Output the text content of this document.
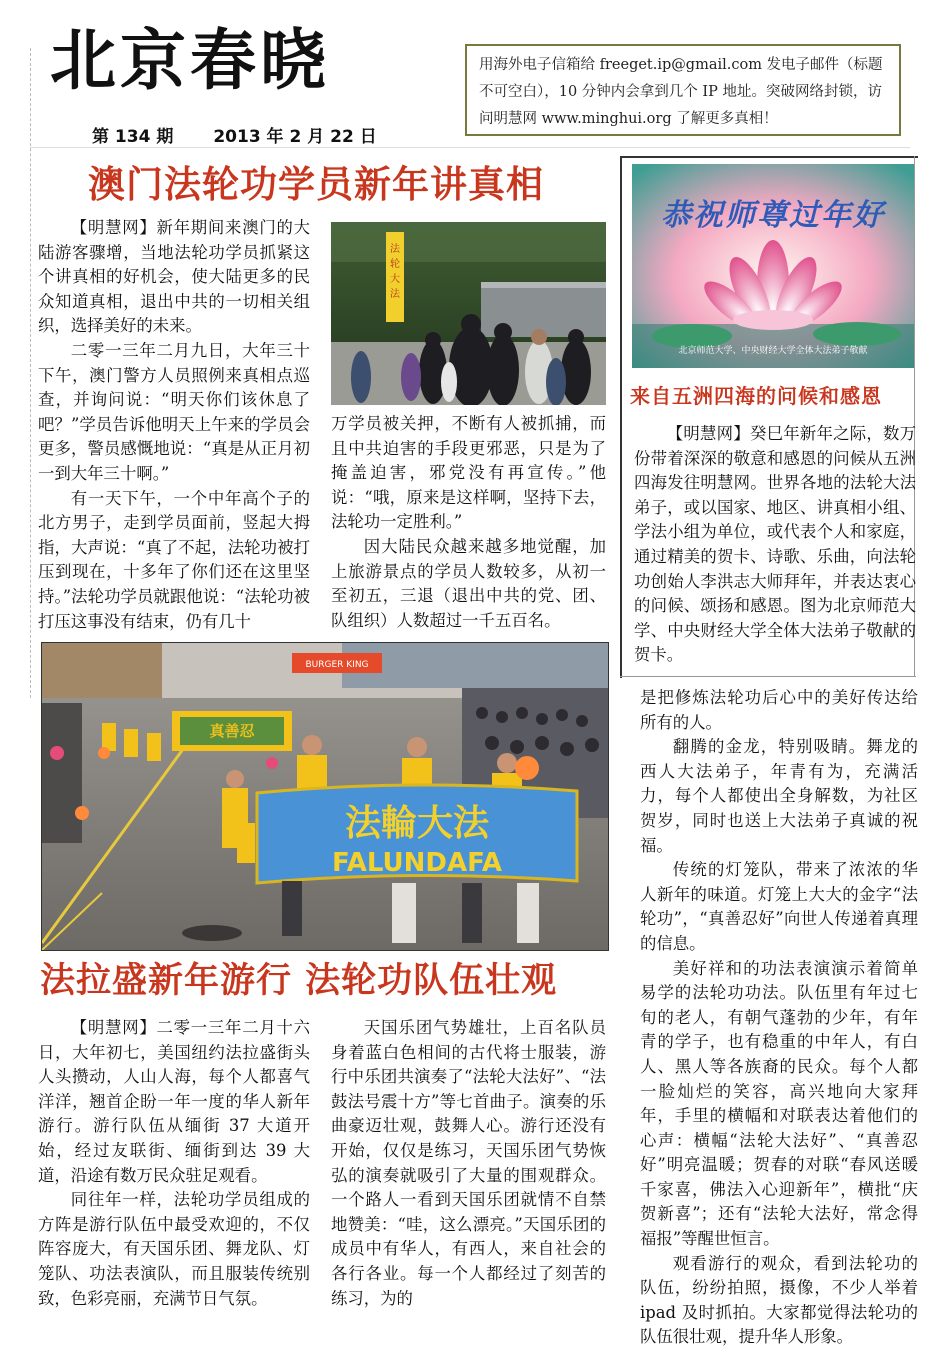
北京春晓
第 134 期 2013 年 2 月 22 日
用海外电子信箱给 freeget.ip@gmail.com 发电子邮件（标题不可空白），10 分钟内会拿到几个 IP 地址。突破网络封锁，访问明慧网 www.minghui.org 了解更多真相！
澳门法轮功学员新年讲真相

【明慧网】新年期间来澳门的大陆游客骤增，当地法轮功学员抓紧这个讲真相的好机会，使大陆更多的民众知道真相，退出中共的一切相关组织，选择美好的未来。

二零一三年二月九日，大年三十下午，澳门警方人员照例来真相点巡查，并询问说：“明天你们该休息了吧？”学员告诉他明天上午来的学员会更多，警员感慨地说：“真是从正月初一到大年三十啊。”

有一天下午，一个中年高个子的北方男子，走到学员面前，竖起大拇指，大声说：“真了不起，法轮功被打压到现在，十多年了你们还在这里坚持。”法轮功学员就跟他说：“法轮功被打压这事没有结束，仍有几十

法
轮
大
法

万学员被关押，不断有人被抓捕，而且中共迫害的手段更邪恶，只是为了掩盖迫害，邪党没有再宣传。”他说：“哦，原来是这样啊，坚持下去，法轮功一定胜利。”

因大陆民众越来越多地觉醒，加上旅游景点的学员人数较多，从初一至初五，三退（退出中共的党、团、队组织）人数超过一千五百名。

恭祝师尊过年好
北京师范大学、中央财经大学全体大法弟子敬献
来自五洲四海的问候和感恩

【明慧网】癸巳年新年之际，数万份带着深深的敬意和感恩的问候从五洲四海发往明慧网。世界各地的法轮大法弟子，或以国家、地区、讲真相小组、学法小组为单位，或代表个人和家庭，通过精美的贺卡、诗歌、乐曲，向法轮功创始人李洪志大师拜年，并表达衷心的问候、颂扬和感恩。图为北京师范大学、中央财经大学全体大法弟子敬献的贺卡。

BURGER KING
真善忍
法輪大法
FALUNDAFA
法拉盛新年游行 法轮功队伍壮观

【明慧网】二零一三年二月十六日，大年初七，美国纽约法拉盛街头人头攒动，人山人海，每个人都喜气洋洋，翘首企盼一年一度的华人新年游行。游行队伍从缅街 37 大道开始，经过友联街、缅街到达 39 大道，沿途有数万民众驻足观看。

同往年一样，法轮功学员组成的方阵是游行队伍中最受欢迎的，不仅阵容庞大，有天国乐团、舞龙队、灯笼队、功法表演队，而且服装传统别致，色彩亮丽，充满节日气氛。

天国乐团气势雄壮，上百名队员身着蓝白色相间的古代将士服装，游行中乐团共演奏了“法轮大法好”、“法鼓法号震十方”等七首曲子。演奏的乐曲豪迈壮观，鼓舞人心。游行还没有开始，仅仅是练习，天国乐团气势恢弘的演奏就吸引了大量的围观群众。一个路人一看到天国乐团就情不自禁地赞美：“哇，这么漂亮。”天国乐团的成员中有华人，有西人，来自社会的各行各业。每一个人都经过了刻苦的练习，为的

是把修炼法轮功后心中的美好传达给所有的人。

翻腾的金龙，特别吸睛。舞龙的西人大法弟子，年青有为，充满活力，每个人都使出全身解数，为社区贺岁，同时也送上大法弟子真诚的祝福。

传统的灯笼队，带来了浓浓的华人新年的味道。灯笼上大大的金字“法轮功”，“真善忍好”向世人传递着真理的信息。

美好祥和的功法表演演示着简单易学的法轮功功法。队伍里有年过七旬的老人，有朝气蓬勃的少年，有年青的学子，也有稳重的中年人，有白人、黑人等各族裔的民众。每个人都一脸灿烂的笑容，高兴地向大家拜年，手里的横幅和对联表达着他们的心声：横幅“法轮大法好”、“真善忍好”明亮温暖；贺春的对联“春风送暖千家喜，佛法入心迎新年”，横批“庆贺新喜”；还有“法轮大法好，常念得福报”等醒世恒言。

观看游行的观众，看到法轮功的队伍，纷纷拍照，摄像，不少人举着 ipad 及时抓拍。大家都觉得法轮功的队伍很壮观，提升华人形象。
